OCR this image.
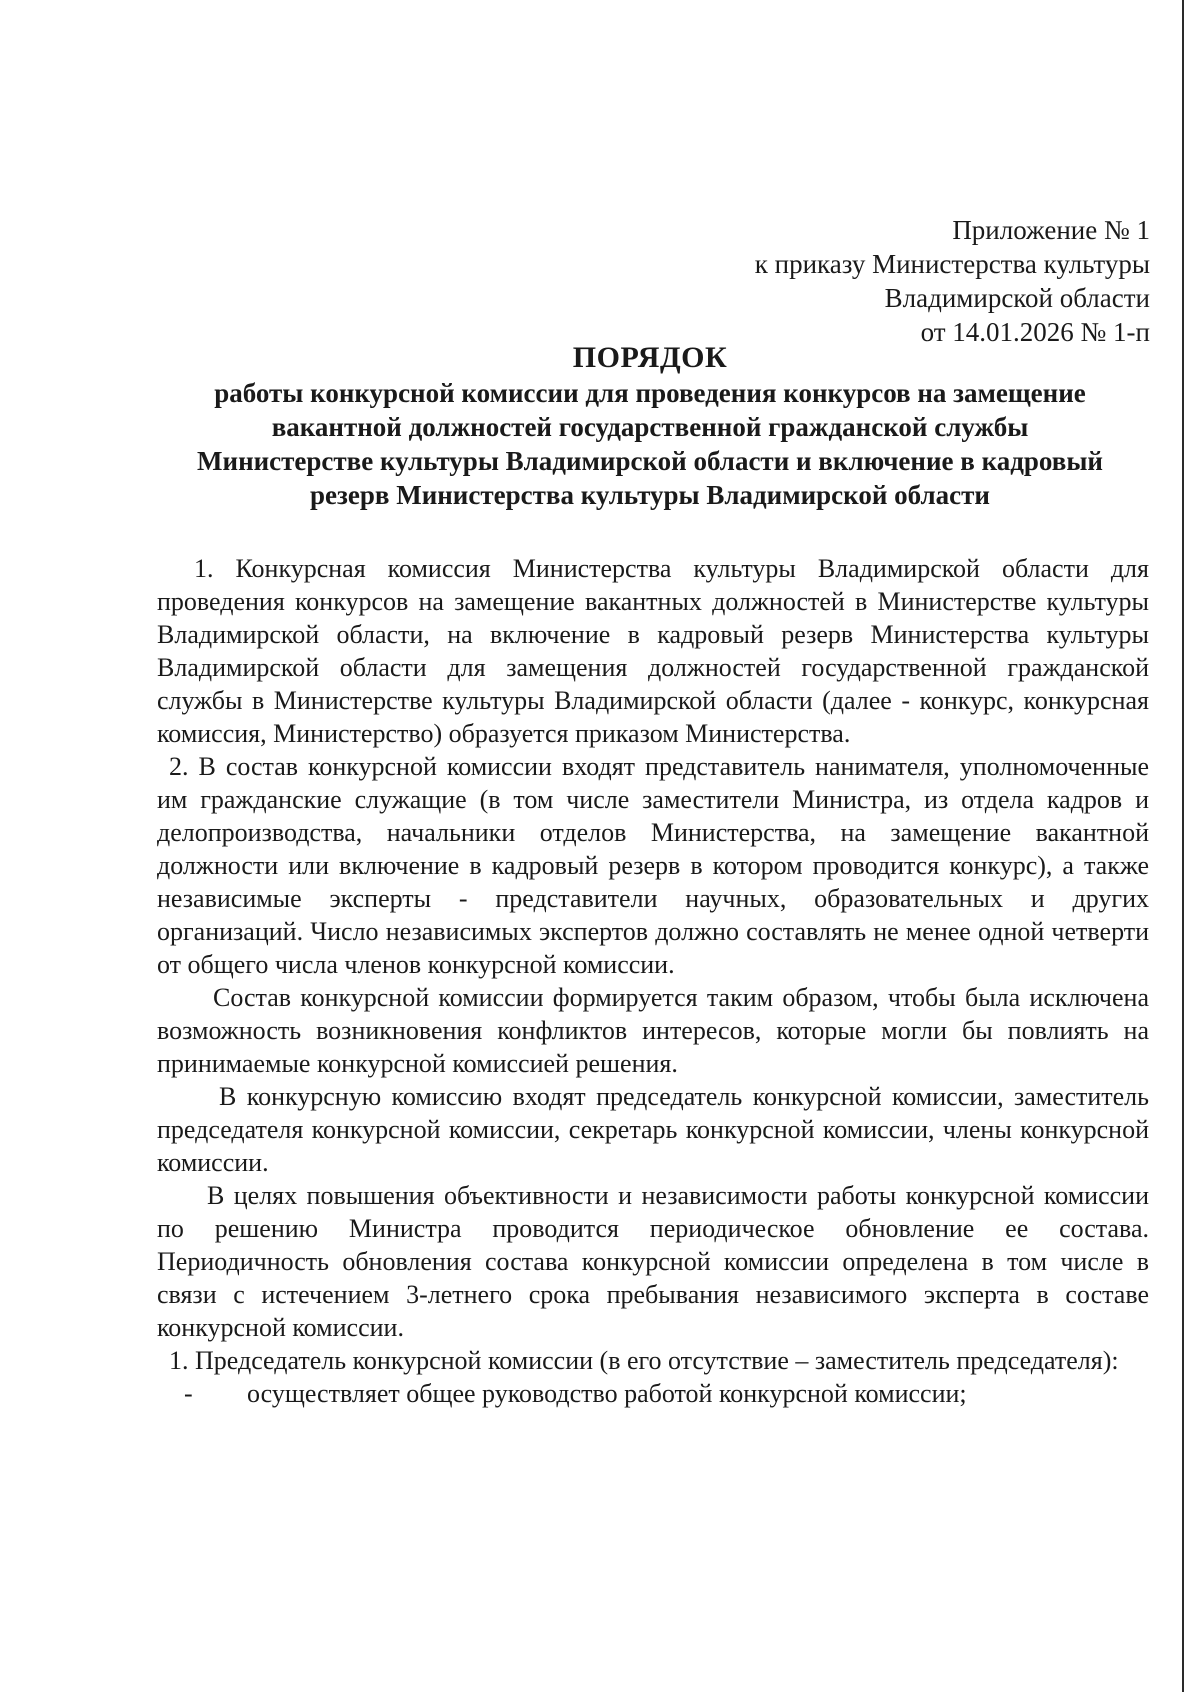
Приложение № 1
к приказу Министерства культуры
Владимирской области
от 14.01.2026 № 1-п
ПОРЯДОК
работы конкурсной комиссии для проведения конкурсов на замещение
вакантной должностей государственной гражданской службы
Министерстве культуры Владимирской области и включение в кадровый
резерв Министерства культуры Владимирской области

1. Конкурсная комиссия Министерства культуры Владимирской области для проведения конкурсов на замещение вакантных должностей в Министерстве культуры Владимирской области, на включение в кадровый резерв Министерства культуры Владимирской области для замещения должностей государственной гражданской службы в Министерстве культуры Владимирской области (далее - конкурс, конкурсная комиссия, Министерство) образуется приказом Министерства.

2. В состав конкурсной комиссии входят представитель нанимателя, уполномоченные им гражданские служащие (в том числе заместители Министра, из отдела кадров и делопроизводства, начальники отделов Министерства, на замещение вакантной должности или включение в кадровый резерв в котором проводится конкурс), а также независимые эксперты - представители научных, образовательных и других организаций. Число независимых экспертов должно составлять не менее одной четверти от общего числа членов конкурсной комиссии.

Состав конкурсной комиссии формируется таким образом, чтобы была исключена возможность возникновения конфликтов интересов, которые могли бы повлиять на принимаемые конкурсной комиссией решения.

В конкурсную комиссию входят председатель конкурсной комиссии, заместитель председателя конкурсной комиссии, секретарь конкурсной комиссии, члены конкурсной комиссии.

В целях повышения объективности и независимости работы конкурсной комиссии по решению Министра проводится периодическое обновление ее состава. Периодичность обновления состава конкурсной комиссии определена в том числе в связи с истечением 3-летнего срока пребывания независимого эксперта в составе конкурсной комиссии.

1. Председатель конкурсной комиссии (в его отсутствие – заместитель председателя):

-	осуществляет общее руководство работой конкурсной комиссии;
